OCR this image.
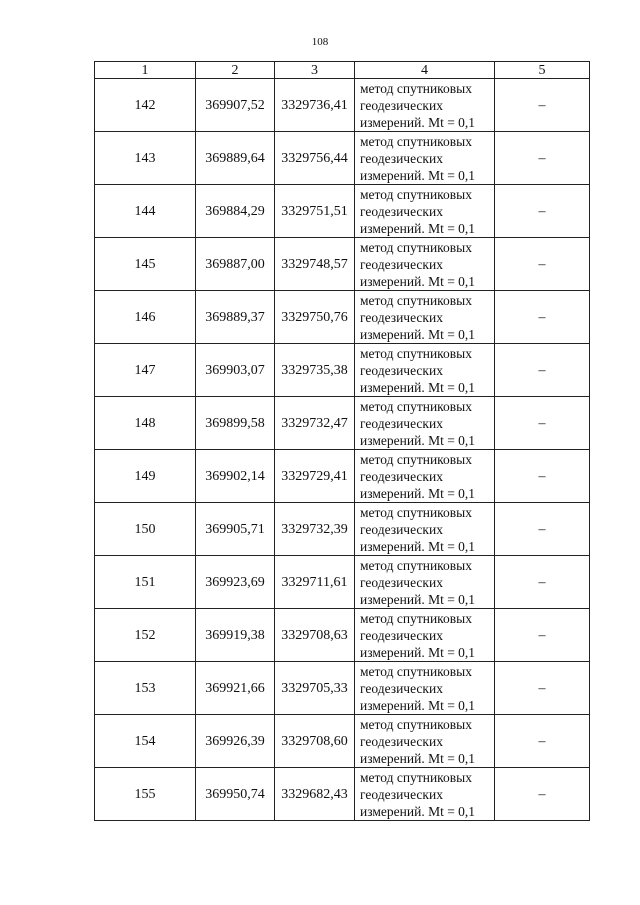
108
1	2	3	4	5
142	369907,52	3329736,41	метод спутниковых
геодезических
измерений. Mt = 0,1	–
143	369889,64	3329756,44	метод спутниковых
геодезических
измерений. Mt = 0,1	–
144	369884,29	3329751,51	метод спутниковых
геодезических
измерений. Mt = 0,1	–
145	369887,00	3329748,57	метод спутниковых
геодезических
измерений. Mt = 0,1	–
146	369889,37	3329750,76	метод спутниковых
геодезических
измерений. Mt = 0,1	–
147	369903,07	3329735,38	метод спутниковых
геодезических
измерений. Mt = 0,1	–
148	369899,58	3329732,47	метод спутниковых
геодезических
измерений. Mt = 0,1	–
149	369902,14	3329729,41	метод спутниковых
геодезических
измерений. Mt = 0,1	–
150	369905,71	3329732,39	метод спутниковых
геодезических
измерений. Mt = 0,1	–
151	369923,69	3329711,61	метод спутниковых
геодезических
измерений. Mt = 0,1	–
152	369919,38	3329708,63	метод спутниковых
геодезических
измерений. Mt = 0,1	–
153	369921,66	3329705,33	метод спутниковых
геодезических
измерений. Mt = 0,1	–
154	369926,39	3329708,60	метод спутниковых
геодезических
измерений. Mt = 0,1	–
155	369950,74	3329682,43	метод спутниковых
геодезических
измерений. Mt = 0,1	–
